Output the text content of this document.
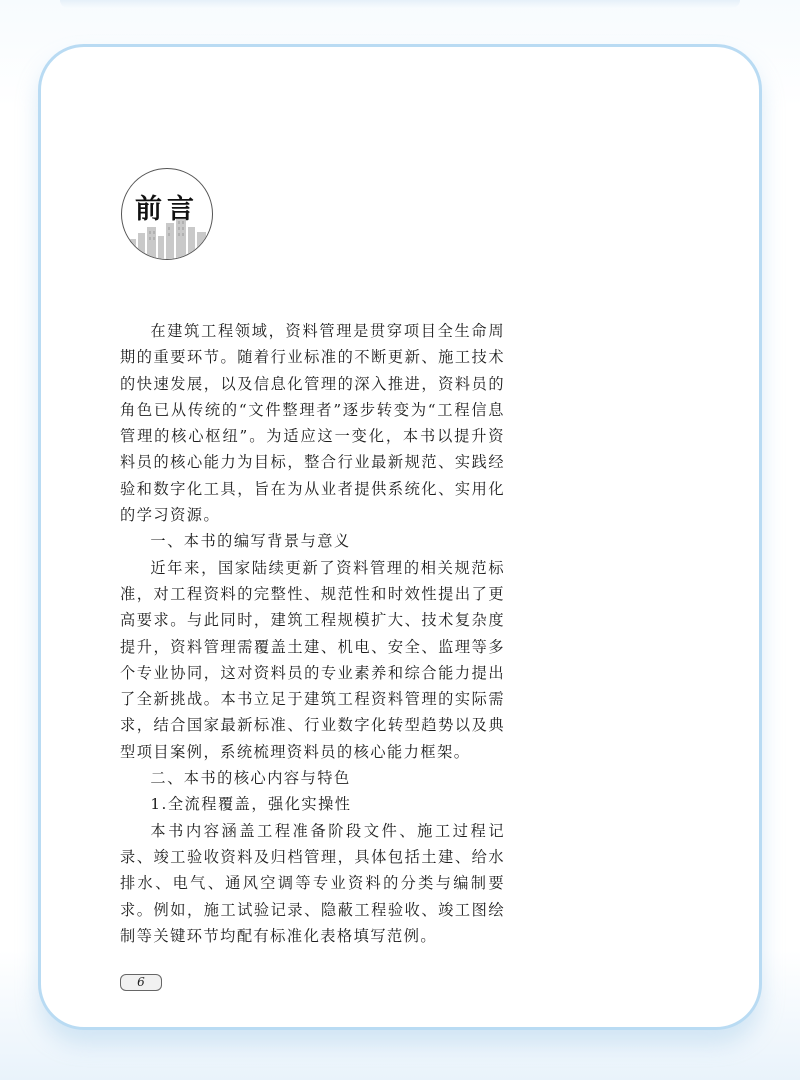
前言

在建筑工程领域，资料管理是贯穿项目全生命周期的重要环节。随着行业标准的不断更新、施工技术的快速发展，以及信息化管理的深入推进，资料员的角色已从传统的“文件整理者”逐步转变为“工程信息管理的核心枢纽”。为适应这一变化，本书以提升资料员的核心能力为目标，整合行业最新规范、实践经验和数字化工具，旨在为从业者提供系统化、实用化的学习资源。

一、本书的编写背景与意义

近年来，国家陆续更新了资料管理的相关规范标准，对工程资料的完整性、规范性和时效性提出了更高要求。与此同时，建筑工程规模扩大、技术复杂度提升，资料管理需覆盖土建、机电、安全、监理等多个专业协同，这对资料员的专业素养和综合能力提出了全新挑战。本书立足于建筑工程资料管理的实际需求，结合国家最新标准、行业数字化转型趋势以及典型项目案例，系统梳理资料员的核心能力框架。

二、本书的核心内容与特色

1.全流程覆盖，强化实操性

本书内容涵盖工程准备阶段文件、施工过程记录、竣工验收资料及归档管理，具体包括土建、给水排水、电气、通风空调等专业资料的分类与编制要求。例如，施工试验记录、隐蔽工程验收、竣工图绘制等关键环节均配有标准化表格填写范例。

6
